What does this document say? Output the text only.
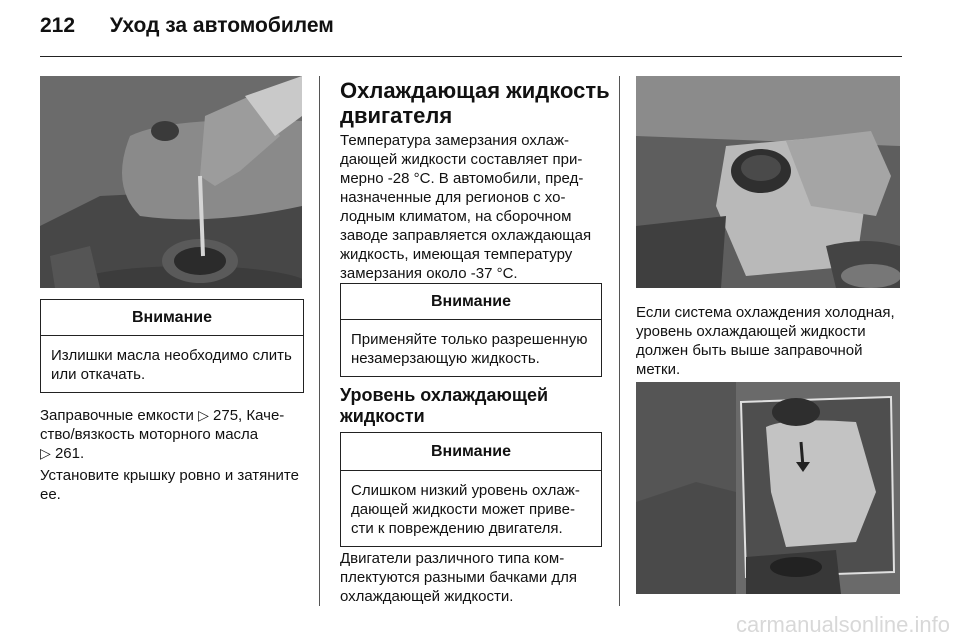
212 Уход за автомобилем
Внимание
Излишки масла необходимо слить или откачать.
Заправочные емкости ▷ 275, Качество/вязкость моторного масла
▷ 261.
Установите крышку ровно и затяните ее.
Охлаждающая жидкость двигателя
Температура замерзания охлаждающей жидкости составляет примерно -28 °C. В автомобили, предназначенные для регионов с холодным климатом, на сборочном заводе заправляется охлаждающая жидкость, имеющая температуру замерзания около -37 °C.
Внимание
Применяйте только разрешенную незамерзающую жидкость.
Уровень охлаждающей жидкости
Внимание
Слишком низкий уровень охлаждающей жидкости может привести к повреждению двигателя.
Двигатели различного типа комплектуются разными бачками для охлаждающей жидкости.
Если система охлаждения холодная, уровень охлаждающей жидкости должен быть выше заправочной метки.
carmanualsonline.info
